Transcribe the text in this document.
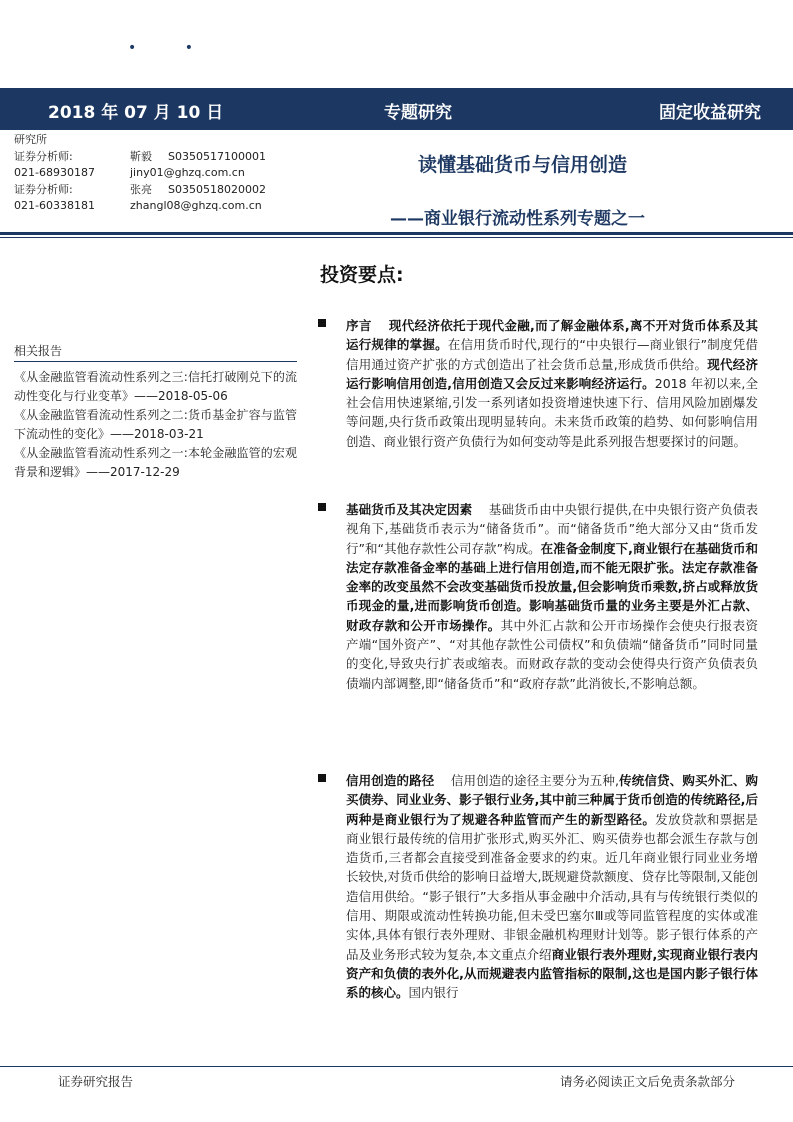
• •
2018 年 07 月 10 日	专题研究	固定收益研究
研究所
证券分析师:	靳毅	S0350517100001
021-68930187	jiny01@ghzq.com.cn
证券分析师:	张亮	S0350518020002
021-60338181	zhangl08@ghzq.com.cn
读懂基础货币与信用创造
——商业银行流动性系列专题之一
投资要点:
相关报告
《从金融监管看流动性系列之三:信托打破刚兑下的流动性变化与行业变革》——2018-05-06
《从金融监管看流动性系列之二:货币基金扩容与监管下流动性的变化》——2018-03-21
《从金融监管看流动性系列之一:本轮金融监管的宏观背景和逻辑》——2017-12-29
序言 现代经济依托于现代金融,而了解金融体系,离不开对货币体系及其运行规律的掌握。在信用货币时代,现行的“中央银行—商业银行”制度凭借信用通过资产扩张的方式创造出了社会货币总量,形成货币供给。现代经济运行影响信用创造,信用创造又会反过来影响经济运行。2018 年初以来,全社会信用快速紧缩,引发一系列诸如投资增速快速下行、信用风险加剧爆发等问题,央行货币政策出现明显转向。未来货币政策的趋势、如何影响信用创造、商业银行资产负债行为如何变动等是此系列报告想要探讨的问题。
基础货币及其决定因素 基础货币由中央银行提供,在中央银行资产负债表视角下,基础货币表示为“储备货币”。而“储备货币”绝大部分又由“货币发行”和“其他存款性公司存款”构成。在准备金制度下,商业银行在基础货币和法定存款准备金率的基础上进行信用创造,而不能无限扩张。法定存款准备金率的改变虽然不会改变基础货币投放量,但会影响货币乘数,挤占或释放货币现金的量,进而影响货币创造。影响基础货币量的业务主要是外汇占款、财政存款和公开市场操作。其中外汇占款和公开市场操作会使央行报表资产端“国外资产”、“对其他存款性公司债权”和负债端“储备货币”同时同量的变化,导致央行扩表或缩表。而财政存款的变动会使得央行资产负债表负债端内部调整,即“储备货币”和“政府存款”此消彼长,不影响总额。
信用创造的路径 信用创造的途径主要分为五种,传统信贷、购买外汇、购买债券、同业业务、影子银行业务,其中前三种属于货币创造的传统路径,后两种是商业银行为了规避各种监管而产生的新型路径。发放贷款和票据是商业银行最传统的信用扩张形式,购买外汇、购买债券也都会派生存款与创造货币,三者都会直接受到准备金要求的约束。近几年商业银行同业业务增长较快,对货币供给的影响日益增大,既规避贷款额度、贷存比等限制,又能创造信用供给。“影子银行”大多指从事金融中介活动,具有与传统银行类似的信用、期限或流动性转换功能,但未受巴塞尔Ⅲ或等同监管程度的实体或准实体,具体有银行表外理财、非银金融机构理财计划等。影子银行体系的产品及业务形式较为复杂,本文重点介绍商业银行表外理财,实现商业银行表内资产和负债的表外化,从而规避表内监管指标的限制,这也是国内影子银行体系的核心。国内银行
证券研究报告	请务必阅读正文后免责条款部分
